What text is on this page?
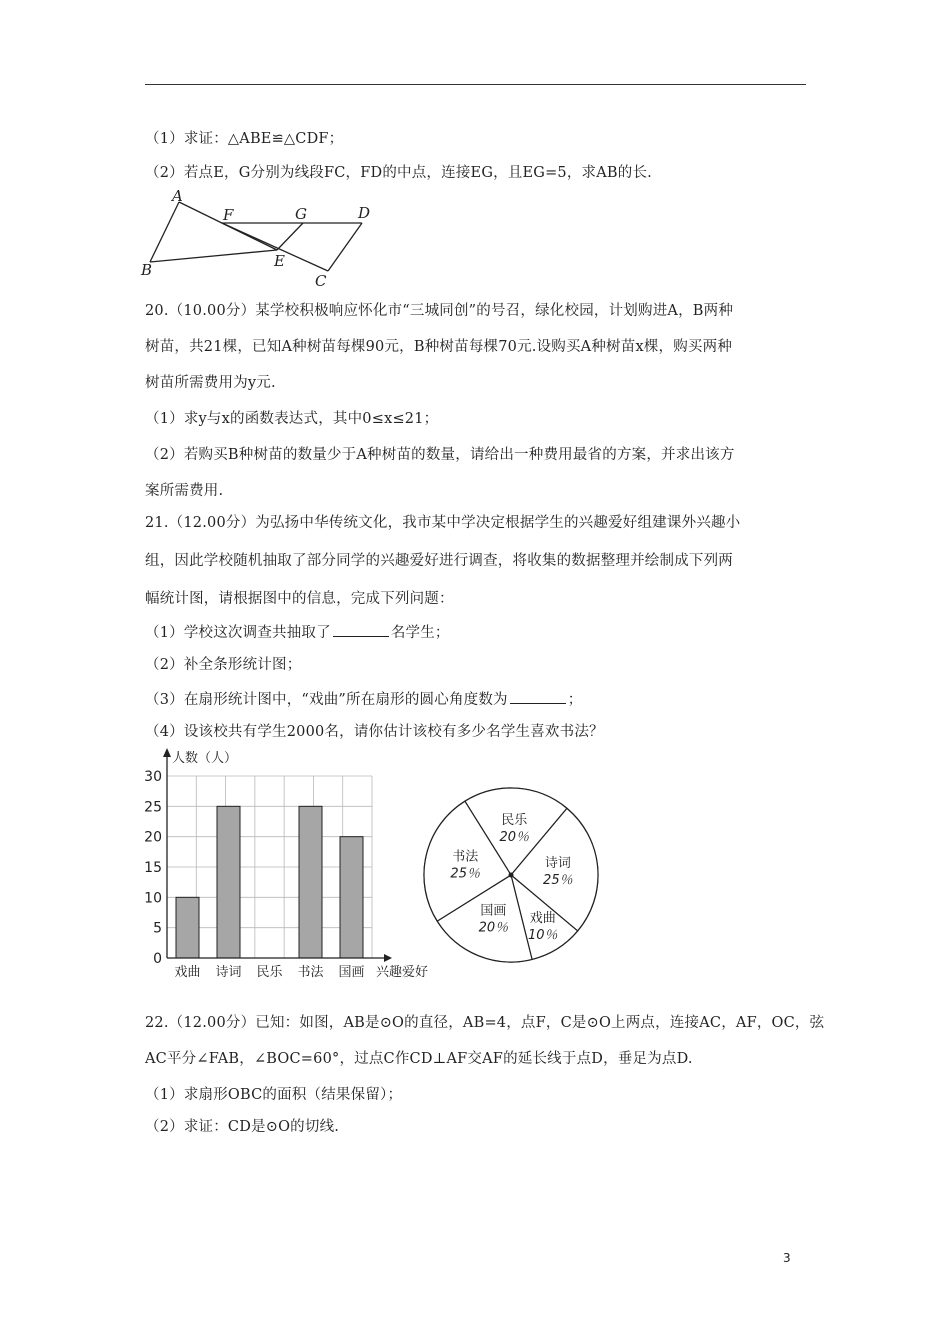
（1）求证：△ABE≌△CDF；
（2）若点E，G分别为线段FC，FD的中点，连接EG，且EG=5，求AB的长.
A
B
C
D
E
F	G
20.（10.00分）某学校积极响应怀化市“三城同创”的号召，绿化校园，计划购进A，B两种
树苗，共21棵，已知A种树苗每棵90元，B种树苗每棵70元.设购买A种树苗x棵，购买两种
树苗所需费用为y元.
（1）求y与x的函数表达式，其中0≤x≤21；
（2）若购买B种树苗的数量少于A种树苗的数量，请给出一种费用最省的方案，并求出该方
案所需费用.
21.（12.00分）为弘扬中华传统文化，我市某中学决定根据学生的兴趣爱好组建课外兴趣小
组，因此学校随机抽取了部分同学的兴趣爱好进行调查，将收集的数据整理并绘制成下列两
幅统计图，请根据图中的信息，完成下列问题：
（1）学校这次调查共抽取了	名学生；
（2）补全条形统计图；
（3）在扇形统计图中，“戏曲”所在扇形的圆心角度数为	；
（4）设该校共有学生2000名，请你估计该校有多少名学生喜欢书法？
0
5
10
15
20
25
30
戏曲 诗词 民乐 书法 国画
人数（人）
兴趣爱好
民乐
20％
诗词
25％
戏曲
10％
国画
20％
书法
25％
22.（12.00分）已知：如图，AB是⊙O的直径，AB=4，点F，C是⊙O上两点，连接AC，AF，OC，弦
AC平分∠FAB，∠BOC=60°，过点C作CD⊥AF交AF的延长线于点D，垂足为点D.
（1）求扇形OBC的面积（结果保留）；
（2）求证：CD是⊙O的切线.
3
